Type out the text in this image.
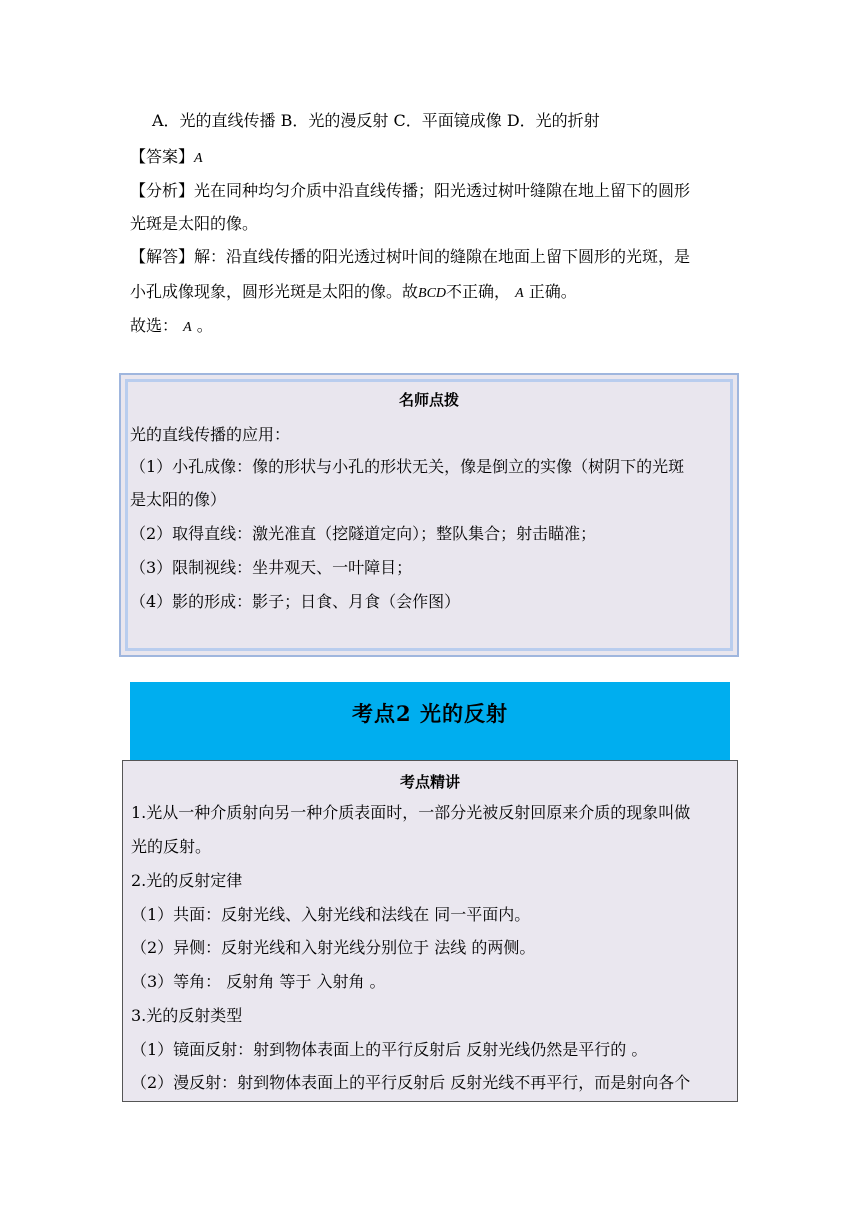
A．光的直线传播 B．光的漫反射 C．平面镜成像 D．光的折射
【答案】A
【分析】光在同种均匀介质中沿直线传播；阳光透过树叶缝隙在地上留下的圆形
光斑是太阳的像。
【解答】解：沿直线传播的阳光透过树叶间的缝隙在地面上留下圆形的光斑，是
小孔成像现象，圆形光斑是太阳的像。故BCD不正确， A 正确。
故选： A 。
名师点拨
光的直线传播的应用：
（1）小孔成像：像的形状与小孔的形状无关，像是倒立的实像（树阴下的光斑
是太阳的像）
（2）取得直线：激光准直（挖隧道定向）；整队集合；射击瞄准；
（3）限制视线：坐井观天、一叶障目；
（4）影的形成：影子；日食、月食（会作图）
考点2 光的反射
考点精讲
1.光从一种介质射向另一种介质表面时，一部分光被反射回原来介质的现象叫做
光的反射。
2.光的反射定律
（1）共面：反射光线、入射光线和法线在 同一平面内。
（2）异侧：反射光线和入射光线分别位于 法线 的两侧。
（3）等角： 反射角 等于 入射角 。
3.光的反射类型
（1）镜面反射：射到物体表面上的平行反射后 反射光线仍然是平行的 。
（2）漫反射：射到物体表面上的平行反射后 反射光线不再平行，而是射向各个
